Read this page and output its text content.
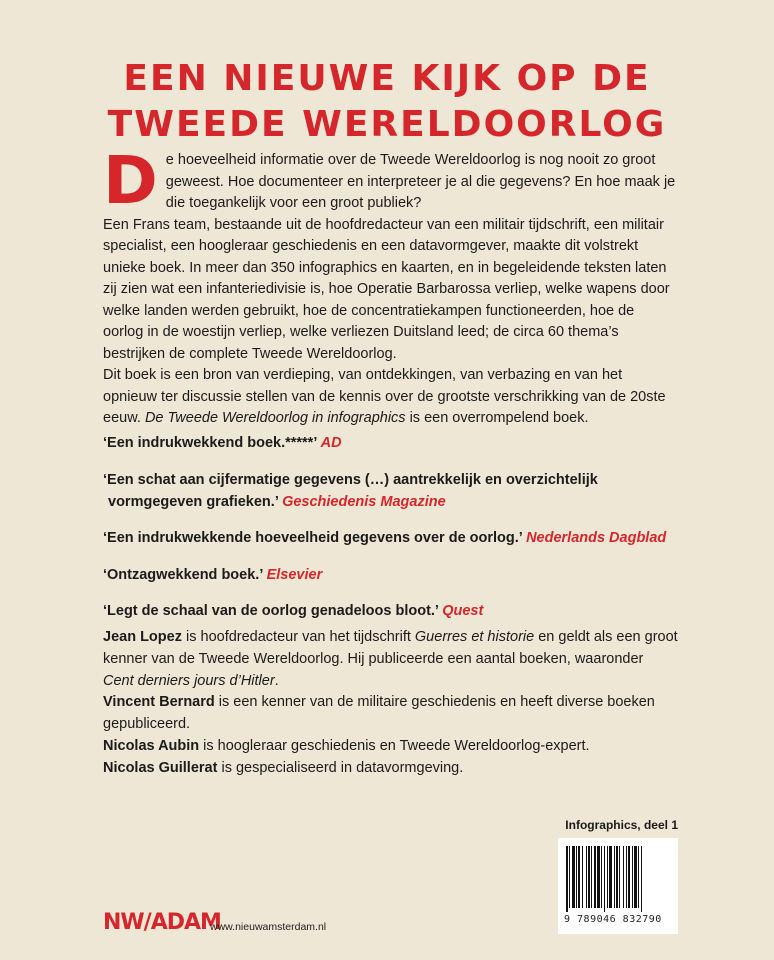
EEN NIEUWE KIJK OP DE
TWEEDE WERELDOORLOG
D e hoeveelheid informatie over de Tweede Wereldoorlog is nog nooit zo groot geweest. Hoe documenteer en interpreteer je al die gegevens? En hoe maak je die toegankelijk voor een groot publiek?

Een Frans team, bestaande uit de hoofdredacteur van een militair tijdschrift, een militair specialist, een hoogleraar geschiedenis en een datavormgever, maakte dit volstrekt unieke boek. In meer dan 350 infographics en kaarten, en in begeleidende teksten laten zij zien wat een infanteriedivisie is, hoe Operatie Barbarossa verliep, welke wapens door welke landen werden gebruikt, hoe de concentratiekampen functioneerden, hoe de oorlog in de woestijn verliep, welke verliezen Duitsland leed; de circa 60 thema’s bestrijken de complete Tweede Wereldoorlog.

Dit boek is een bron van verdieping, van ontdekkingen, van verbazing en van het opnieuw ter discussie stellen van de kennis over de grootste verschrikking van de 20ste eeuw. De Tweede Wereldoorlog in infographics is een overrompelend boek.

‘Een indrukwekkend boek.*****’ AD
‘Een schat aan cijfermatige gegevens (…) aantrekkelijk en overzichtelijk
vormgegeven grafieken.’ Geschiedenis Magazine
‘Een indrukwekkende hoeveelheid gegevens over de oorlog.’ Nederlands Dagblad
‘Ontzagwekkend boek.’ Elsevier
‘Legt de schaal van de oorlog genadeloos bloot.’ Quest

Jean Lopez is hoofdredacteur van het tijdschrift Guerres et historie en geldt als een groot kenner van de Tweede Wereldoorlog. Hij publiceerde een aantal boeken, waaronder Cent derniers jours d’Hitler.

Vincent Bernard is een kenner van de militaire geschiedenis en heeft diverse boeken gepubliceerd.

Nicolas Aubin is hoogleraar geschiedenis en Tweede Wereldoorlog-expert.

Nicolas Guillerat is gespecialiseerd in datavormgeving.

Infographics, deel 1
9 789046 832790
NW/ADAM
www.nieuwamsterdam.nl
